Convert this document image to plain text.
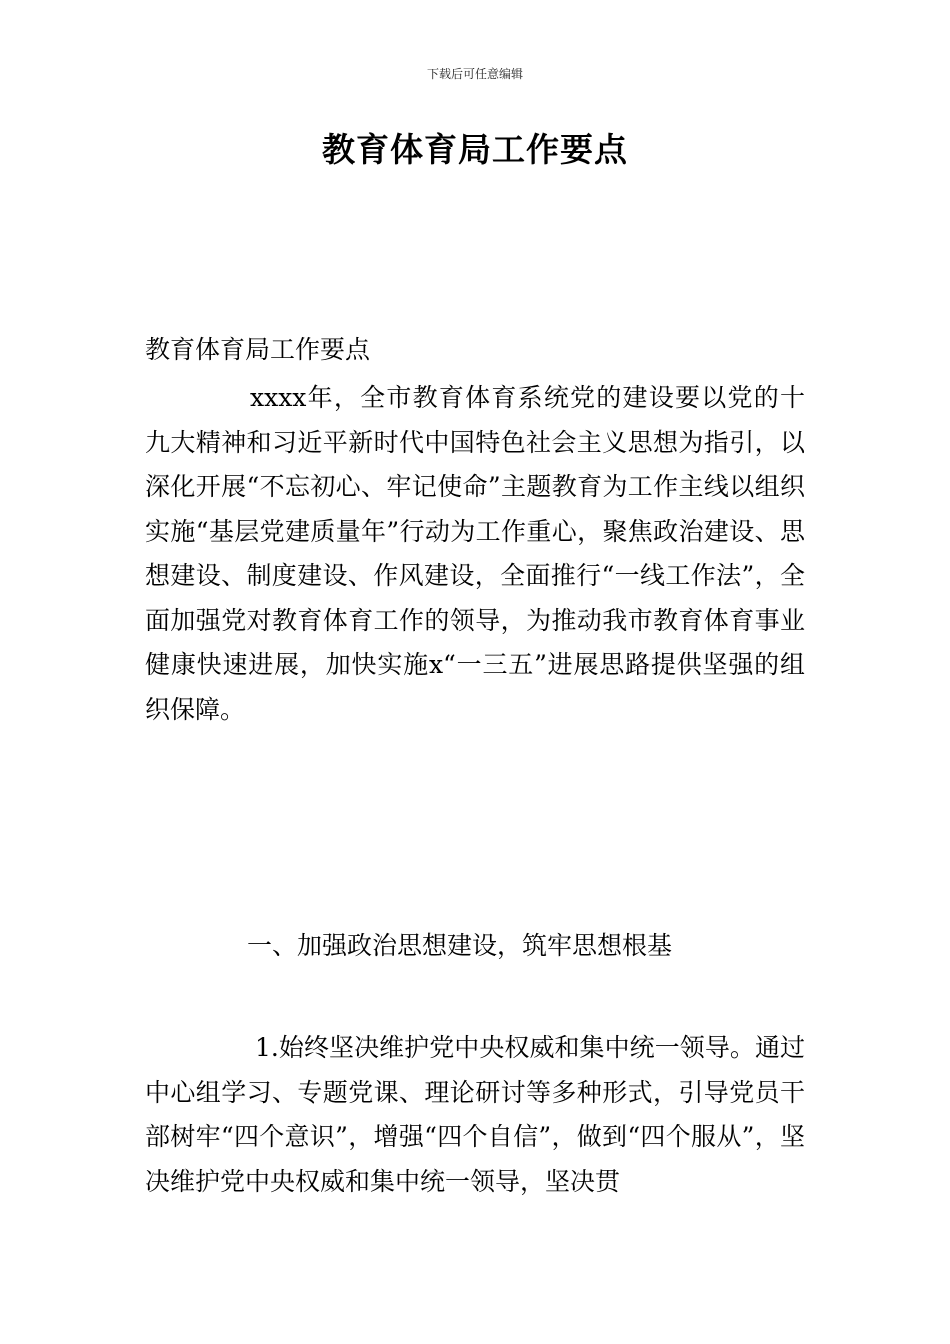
下载后可任意编辑
教育体育局工作要点

教育体育局工作要点

xxxx年，全市教育体育系统党的建设要以党的十九大精神和习近平新时代中国特色社会主义思想为指引，以深化开展“不忘初心、牢记使命”主题教育为工作主线以组织实施“基层党建质量年”行动为工作重心，聚焦政治建设、思想建设、制度建设、作风建设，全面推行“一线工作法”，全面加强党对教育体育工作的领导，为推动我市教育体育事业健康快速进展，加快实施x“一三五”进展思路提供坚强的组织保障。

一、加强政治思想建设，筑牢思想根基

1.始终坚决维护党中央权威和集中统一领导。通过中心组学习、专题党课、理论研讨等多种形式，引导党员干部树牢“四个意识”，增强“四个自信”，做到“四个服从”，坚决维护党中央权威和集中统一领导，坚决贯
